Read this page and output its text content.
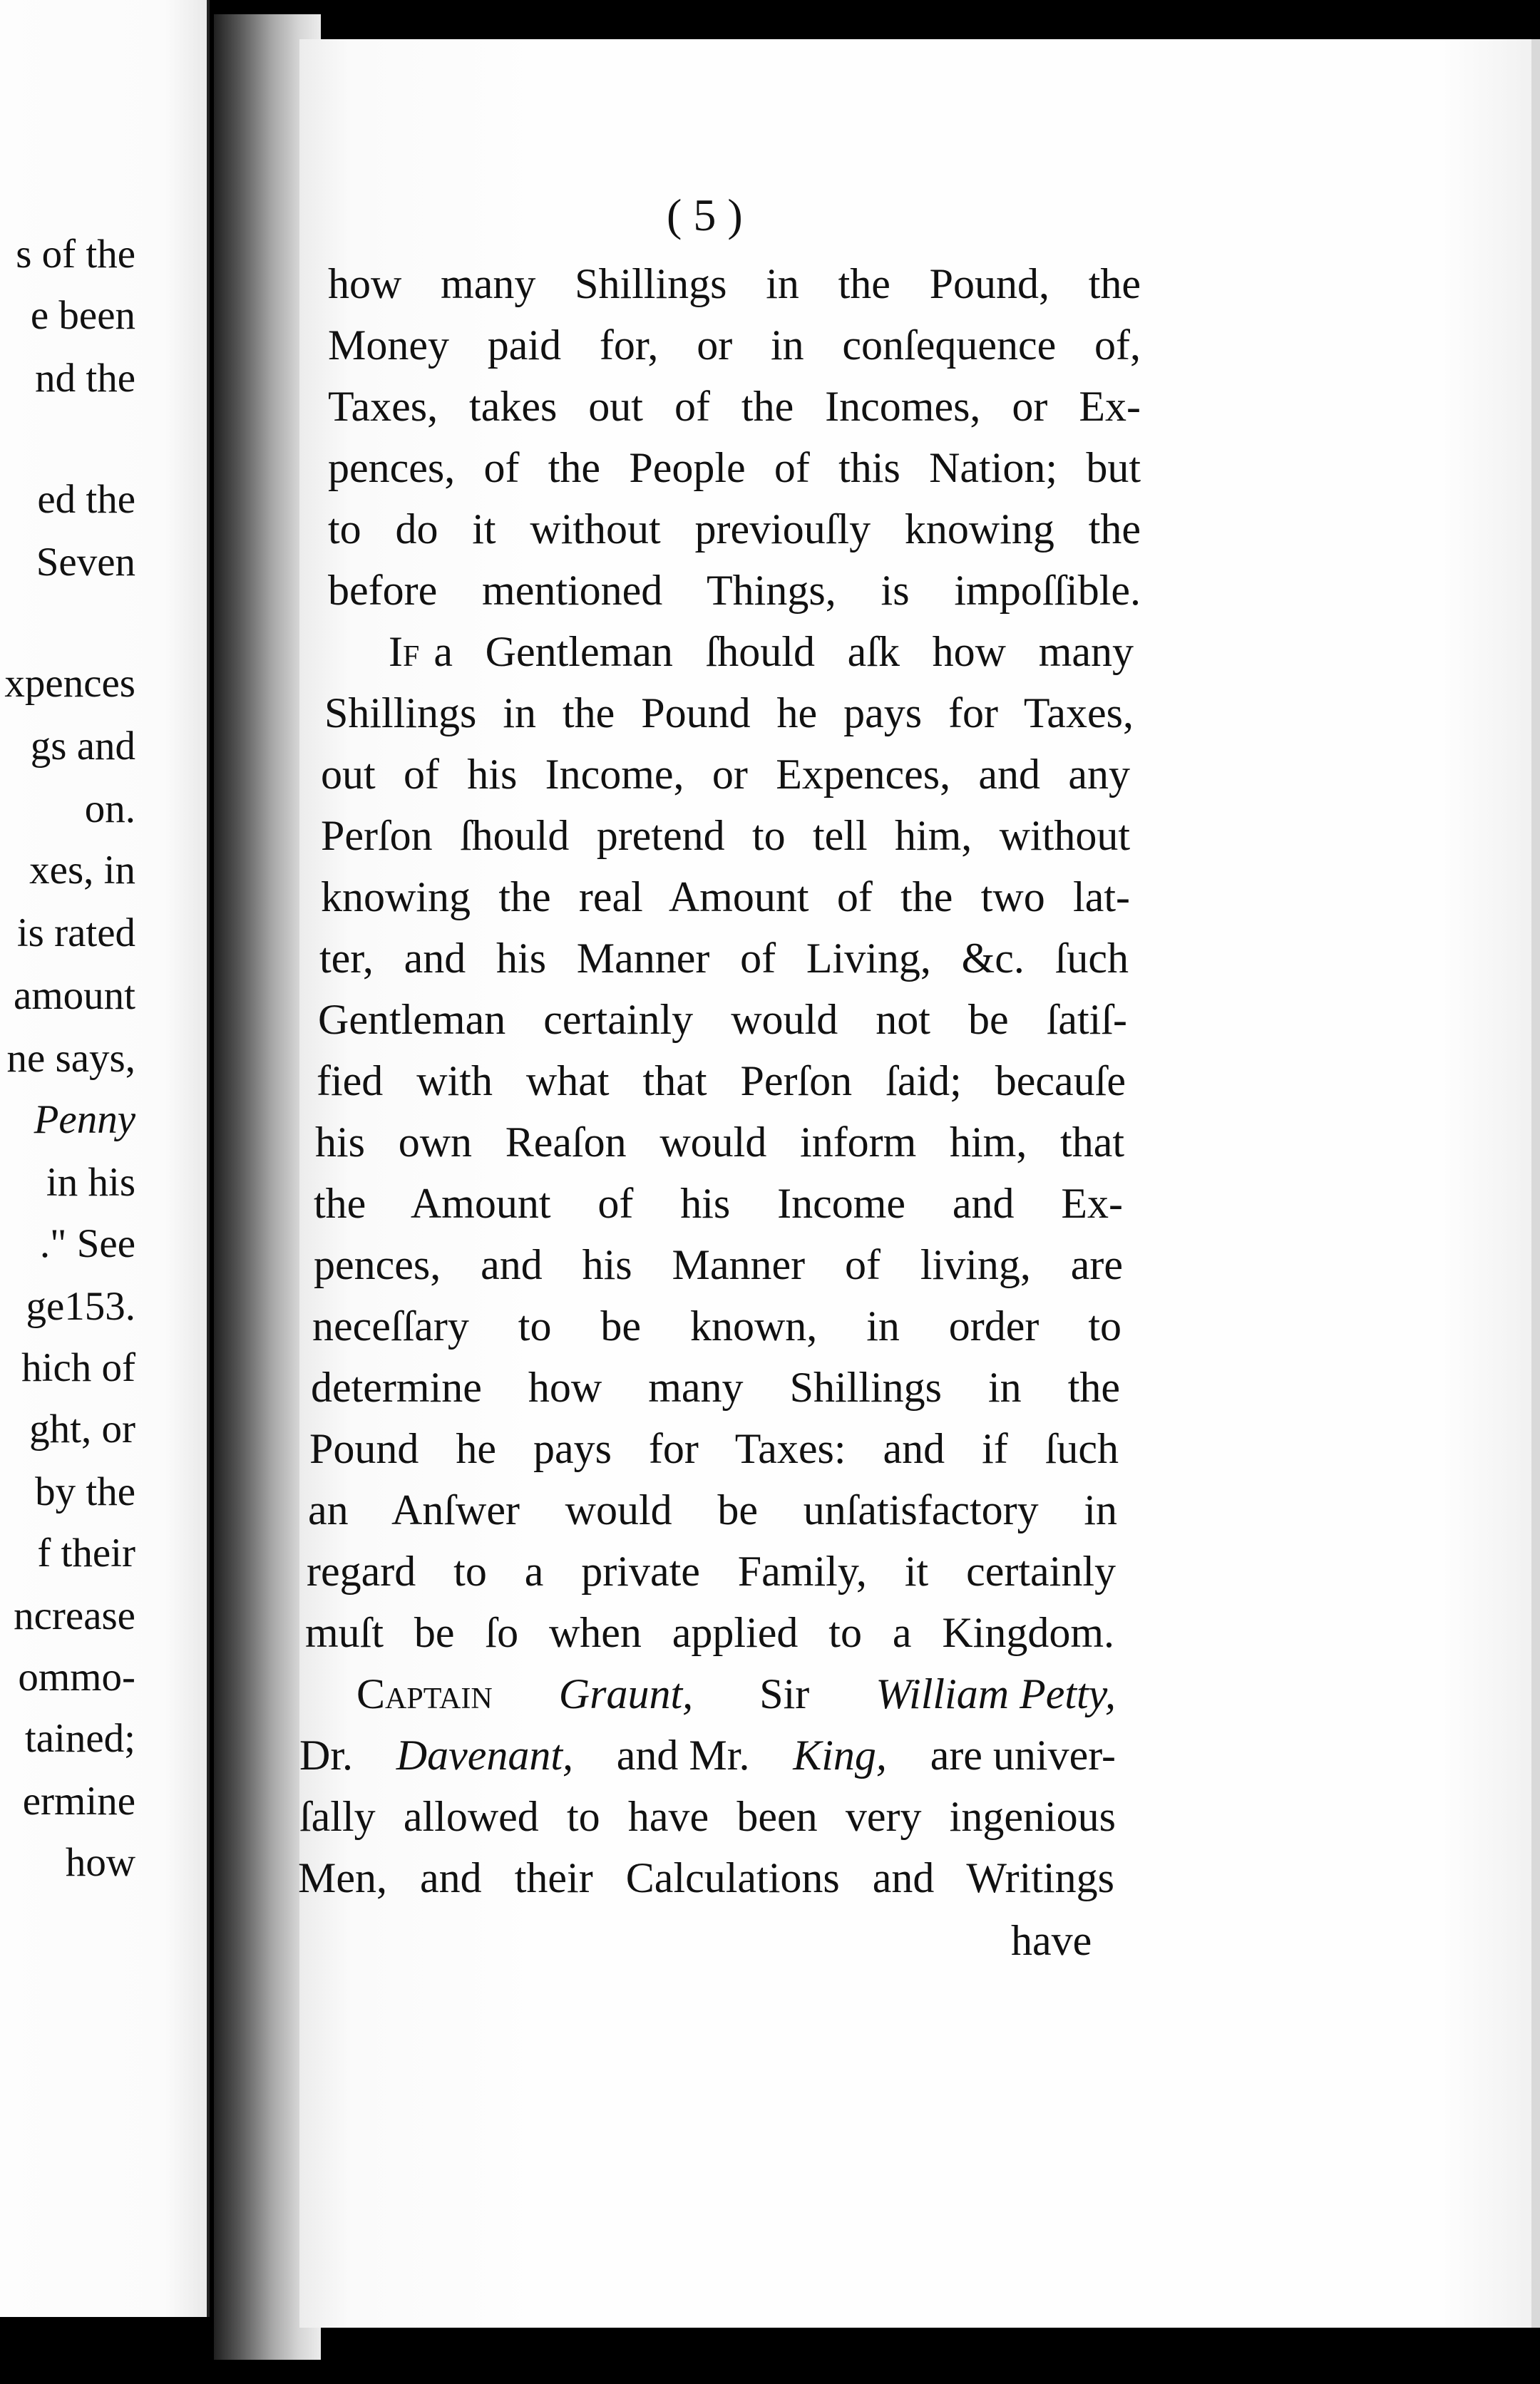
s of the
e been
nd the
ed the
Seven
xpences
gs and
on.
xes, in
is rated
amount
ne says,
Penny
in his
." See
ge153.
hich of
ght, or
by the
f their
ncrease
ommo-
tained;
ermine
how
( 5 )
how many Shillings in the Pound, the
Money paid for, or in conſequence of,
Taxes, takes out of the Incomes, or Ex-
pences, of the People of this Nation; but
to do it without previouſly knowing the
before mentioned Things, is impoſſible.
If a Gentleman ſhould aſk how many
Shillings in the Pound he pays for Taxes,
out of his Income, or Expences, and any
Perſon ſhould pretend to tell him, without
knowing the real Amount of the two lat-
ter, and his Manner of Living, &c. ſuch
Gentleman certainly would not be ſatiſ-
fied with what that Perſon ſaid; becauſe
his own Reaſon would inform him, that
the Amount of his Income and Ex-
pences, and his Manner of living, are
neceſſary to be known, in order to
determine how many Shillings in the
Pound he pays for Taxes: and if ſuch
an Anſwer would be unſatisfactory in
regard to a private Family, it certainly
muſt be ſo when applied to a Kingdom.
Captain Graunt, Sir William Petty,
Dr. Davenant, and Mr. King, are univer-
ſally allowed to have been very ingenious
Men, and their Calculations and Writings
have
